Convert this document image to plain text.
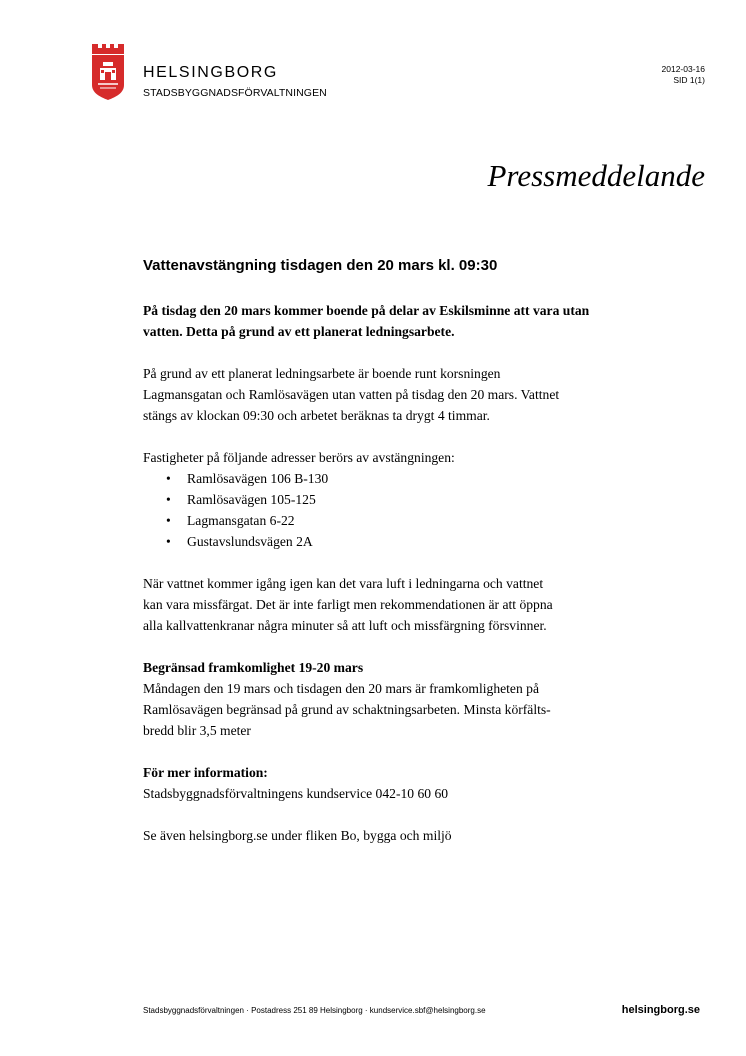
HELSINGBORG
STADSBYGGNADSFÖRVALTNINGEN
2012-03-16
SID 1(1)
Pressmeddelande
Vattenavstängning tisdagen den 20 mars kl. 09:30
På tisdag den 20 mars kommer boende på delar av Eskilsminne att vara utan
vatten. Detta på grund av ett planerat ledningsarbete.
På grund av ett planerat ledningsarbete är boende runt korsningen
Lagmansgatan och Ramlösavägen utan vatten på tisdag den 20 mars. Vattnet
stängs av klockan 09:30 och arbetet beräknas ta drygt 4 timmar.
Fastigheter på följande adresser berörs av avstängningen:
• Ramlösavägen 106 B-130
• Ramlösavägen 105-125
• Lagmansgatan 6-22
• Gustavslundsvägen 2A
När vattnet kommer igång igen kan det vara luft i ledningarna och vattnet
kan vara missfärgat. Det är inte farligt men rekommendationen är att öppna
alla kallvattenkranar några minuter så att luft och missfärgning försvinner.
Begränsad framkomlighet 19-20 mars
Måndagen den 19 mars och tisdagen den 20 mars är framkomligheten på
Ramlösavägen begränsad på grund av schaktningsarbeten. Minsta körfälts-
bredd blir 3,5 meter
För mer information:
Stadsbyggnadsförvaltningens kundservice 042-10 60 60
Se även helsingborg.se under fliken Bo, bygga och miljö
Stadsbyggnadsförvaltningen · Postadress 251 89 Helsingborg · kundservice.sbf@helsingborg.se	helsingborg.se
